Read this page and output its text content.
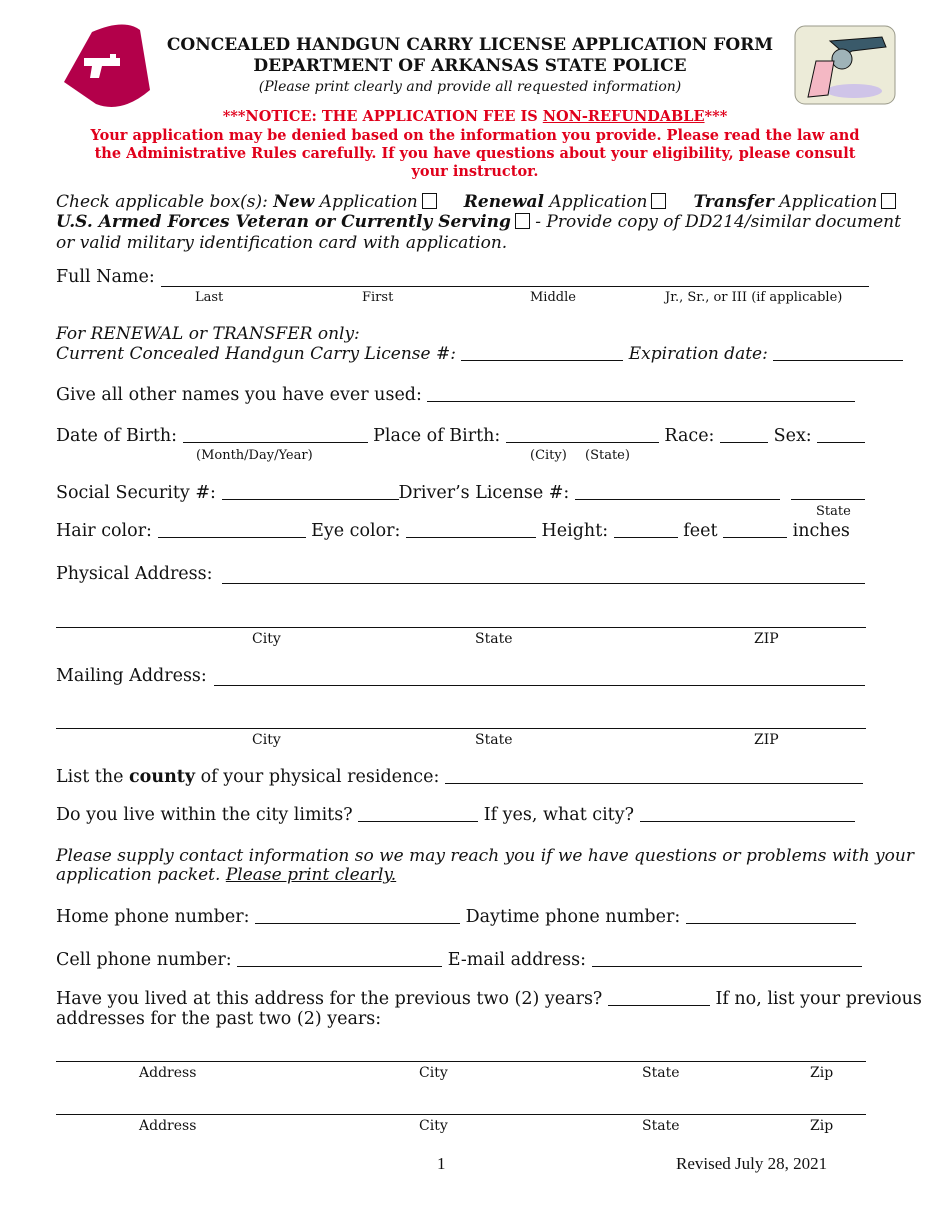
CONCEALED HANDGUN CARRY LICENSE APPLICATION FORM
DEPARTMENT OF ARKANSAS STATE POLICE
(Please print clearly and provide all requested information)
***NOTICE: THE APPLICATION FEE IS NON-REFUNDABLE***
Your application may be denied based on the information you provide. Please read the law and
the Administrative Rules carefully. If you have questions about your eligibility, please consult
your instructor.
Check applicable box(s): New Application	Renewal Application	Transfer Application
U.S. Armed Forces Veteran or Currently Serving - Provide copy of DD214/similar document
or valid military identification card with application.
Full Name:
Last	First	Middle	Jr., Sr., or III (if applicable)
For RENEWAL or TRANSFER only:
Current Concealed Handgun Carry License #:	Expiration date:
Give all other names you have ever used:
Date of Birth:	Place of Birth:	Race:	Sex:
(Month/Day/Year)	(City) (State)
Social Security #:	Driver’s License #:
State
Hair color:	Eye color:	Height:	feet	inches
Physical Address:
City	State	ZIP
Mailing Address:
City	State	ZIP
List the county of your physical residence:
Do you live within the city limits?	If yes, what city?
Please supply contact information so we may reach you if we have questions or problems with your
application packet. Please print clearly.
Home phone number:	Daytime phone number:
Cell phone number:	E-mail address:
Have you lived at this address for the previous two (2) years?	If no, list your previous
addresses for the past two (2) years:
Address	City	State	Zip
Address	City	State	Zip
1	Revised July 28, 2021
